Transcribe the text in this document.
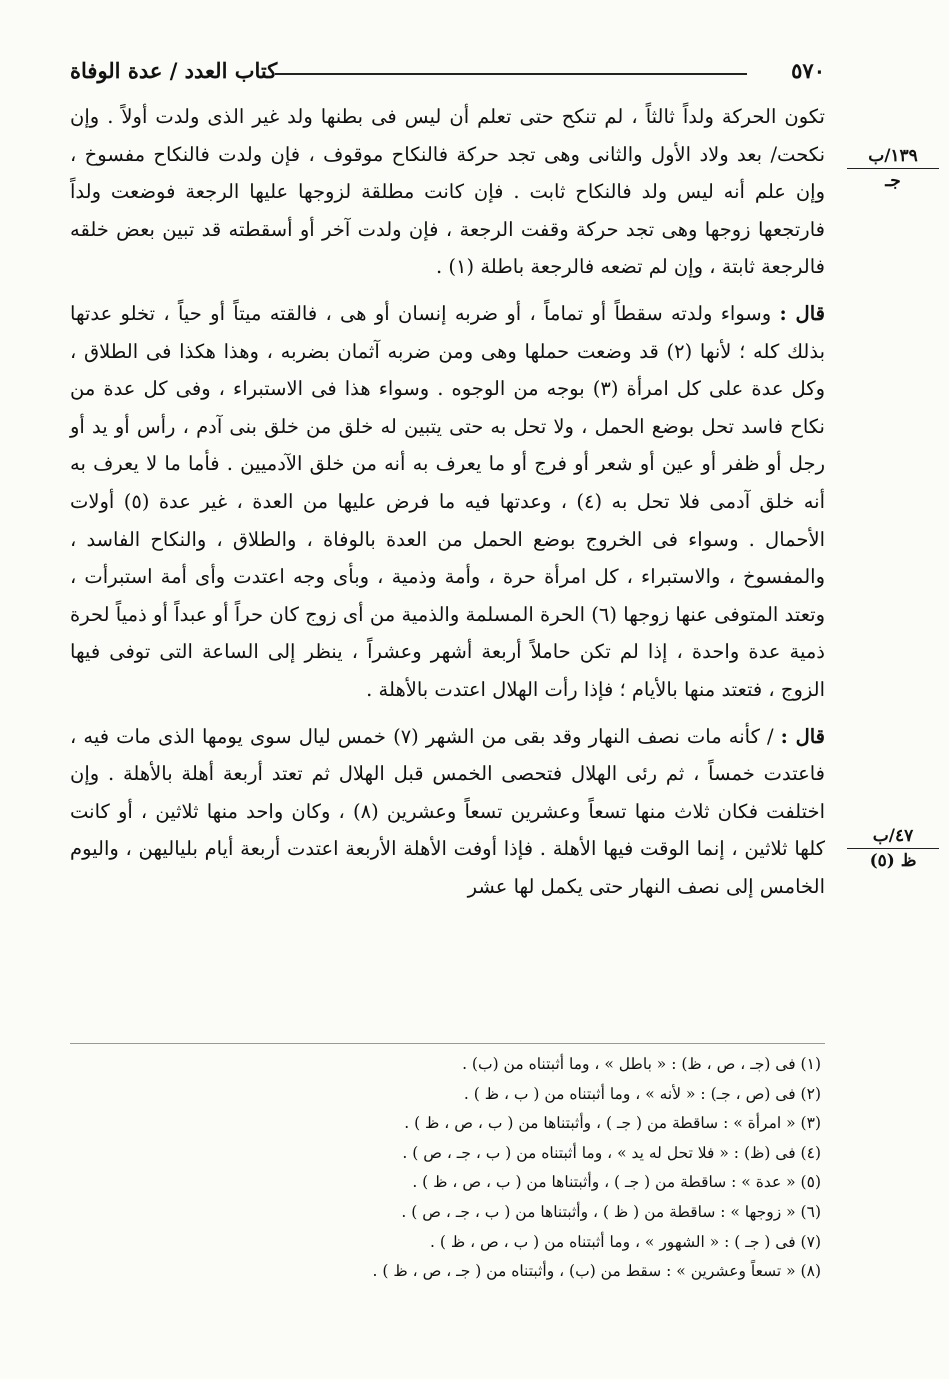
٥٧٠
كتاب العدد / عدة الوفاة
١٣٩/ب
جـ
٤٧/ب
ظ (٥)

تكون الحركة ولداً ثالثاً ، لم تنكح حتى تعلم أن ليس فى بطنها ولد غير الذى ولدت أولاً . وإن نكحت/ بعد ولاد الأول والثانى وهى تجد حركة فالنكاح موقوف ، فإن ولدت فالنكاح مفسوخ ، وإن علم أنه ليس ولد فالنكاح ثابت . فإن كانت مطلقة لزوجها عليها الرجعة فوضعت ولداً فارتجعها زوجها وهى تجد حركة وقفت الرجعة ، فإن ولدت آخر أو أسقطته قد تبين بعض خلقه فالرجعة ثابتة ، وإن لم تضعه فالرجعة باطلة (١) .

قال : وسواء ولدته سقطاً أو تماماً ، أو ضربه إنسان أو هى ، فالقته ميتاً أو حياً ، تخلو عدتها بذلك كله ؛ لأنها (٢) قد وضعت حملها وهى ومن ضربه آثمان بضربه ، وهذا هكذا فى الطلاق ، وكل عدة على كل امرأة (٣) بوجه من الوجوه . وسواء هذا فى الاستبراء ، وفى كل عدة من نكاح فاسد تحل بوضع الحمل ، ولا تحل به حتى يتبين له خلق من خلق بنى آدم ، رأس أو يد أو رجل أو ظفر أو عين أو شعر أو فرج أو ما يعرف به أنه من خلق الآدميين . فأما ما لا يعرف به أنه خلق آدمى فلا تحل به (٤) ، وعدتها فيه ما فرض عليها من العدة ، غير عدة (٥) أولات الأحمال . وسواء فى الخروج بوضع الحمل من العدة بالوفاة ، والطلاق ، والنكاح الفاسد ، والمفسوخ ، والاستبراء ، كل امرأة حرة ، وأمة وذمية ، وبأى وجه اعتدت وأى أمة استبرأت ، وتعتد المتوفى عنها زوجها (٦) الحرة المسلمة والذمية من أى زوج كان حراً أو عبداً أو ذمياً لحرة ذمية عدة واحدة ، إذا لم تكن حاملاً أربعة أشهر وعشراً ، ينظر إلى الساعة التى توفى فيها الزوج ، فتعتد منها بالأيام ؛ فإذا رأت الهلال اعتدت بالأهلة .

قال : / كأنه مات نصف النهار وقد بقى من الشهر (٧) خمس ليال سوى يومها الذى مات فيه ، فاعتدت خمساً ، ثم رئى الهلال فتحصى الخمس قبل الهلال ثم تعتد أربعة أهلة بالأهلة . وإن اختلفت فكان ثلاث منها تسعاً وعشرين تسعاً وعشرين (٨) ، وكان واحد منها ثلاثين ، أو كانت كلها ثلاثين ، إنما الوقت فيها الأهلة . فإذا أوفت الأهلة الأربعة اعتدت أربعة أيام بلياليهن ، واليوم الخامس إلى نصف النهار حتى يكمل لها عشر

(١) فى (جـ ، ص ، ظ) : « باطل » ، وما أثبتناه من (ب) .
(٢) فى (ص ، جـ) : « لأنه » ، وما أثبتناه من ( ب ، ظ ) .
(٣) « امرأة » : ساقطة من ( جـ ) ، وأثبتناها من ( ب ، ص ، ظ ) .
(٤) فى (ظ) : « فلا تحل له يد » ، وما أثبتناه من ( ب ، جـ ، ص ) .
(٥) « عدة » : ساقطة من ( جـ ) ، وأثبتناها من ( ب ، ص ، ظ ) .
(٦) « زوجها » : ساقطة من ( ظ ) ، وأثبتناها من ( ب ، جـ ، ص ) .
(٧) فى ( جـ ) : « الشهور » ، وما أثبتناه من ( ب ، ص ، ظ ) .
(٨) « تسعاً وعشرين » : سقط من (ب) ، وأثبتناه من ( جـ ، ص ، ظ ) .
